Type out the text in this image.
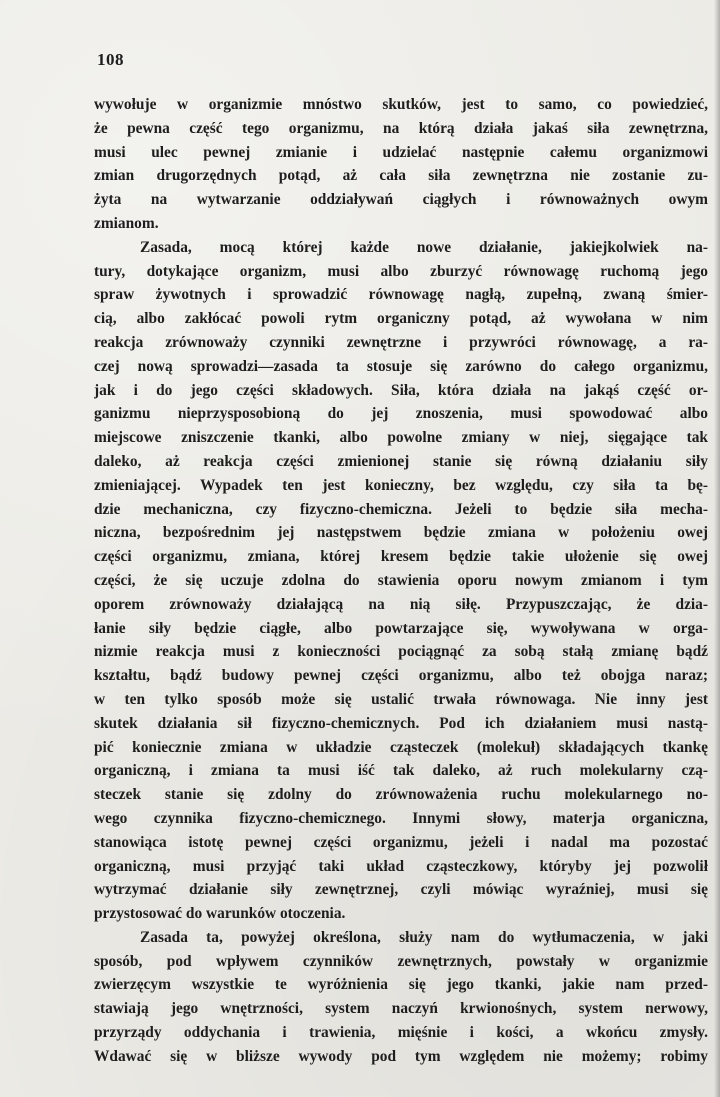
108
wywołuje w organizmie mnóstwo skutków, jest to samo, co powiedzieć,
że pewna część tego organizmu, na którą działa jakaś siła zewnętrzna,
musi ulec pewnej zmianie i udzielać następnie całemu organizmowi
zmian drugorzędnych potąd, aż cała siła zewnętrzna nie zostanie zu-
żyta na wytwarzanie oddziaływań ciągłych i równoważnych owym
zmianom.
Zasada, mocą której każde nowe działanie, jakiejkolwiek na-
tury, dotykające organizm, musi albo zburzyć równowagę ruchomą jego
spraw żywotnych i sprowadzić równowagę nagłą, zupełną, zwaną śmier-
cią, albo zakłócać powoli rytm organiczny potąd, aż wywołana w nim
reakcja zrównoważy czynniki zewnętrzne i przywróci równowagę, a ra-
czej nową sprowadzi—zasada ta stosuje się zarówno do całego organizmu,
jak i do jego części składowych. Siła, która działa na jakąś część or-
ganizmu nieprzysposobioną do jej znoszenia, musi spowodować albo
miejscowe zniszczenie tkanki, albo powolne zmiany w niej, sięgające tak
daleko, aż reakcja części zmienionej stanie się równą działaniu siły
zmieniającej. Wypadek ten jest konieczny, bez względu, czy siła ta bę-
dzie mechaniczna, czy fizyczno-chemiczna. Jeżeli to będzie siła mecha-
niczna, bezpośrednim jej następstwem będzie zmiana w położeniu owej
części organizmu, zmiana, której kresem będzie takie ułożenie się owej
części, że się uczuje zdolna do stawienia oporu nowym zmianom i tym
oporem zrównoważy działającą na nią siłę. Przypuszczając, że dzia-
łanie siły będzie ciągłe, albo powtarzające się, wywoływana w orga-
nizmie reakcja musi z konieczności pociągnąć za sobą stałą zmianę bądź
kształtu, bądź budowy pewnej części organizmu, albo też obojga naraz;
w ten tylko sposób może się ustalić trwała równowaga. Nie inny jest
skutek działania sił fizyczno-chemicznych. Pod ich działaniem musi nastą-
pić koniecznie zmiana w układzie cząsteczek (molekuł) składających tkankę
organiczną, i zmiana ta musi iść tak daleko, aż ruch molekularny czą-
steczek stanie się zdolny do zrównoważenia ruchu molekularnego no-
wego czynnika fizyczno-chemicznego. Innymi słowy, materja organiczna,
stanowiąca istotę pewnej części organizmu, jeżeli i nadal ma pozostać
organiczną, musi przyjąć taki układ cząsteczkowy, któryby jej pozwolił
wytrzymać działanie siły zewnętrznej, czyli mówiąc wyraźniej, musi się
przystosować do warunków otoczenia.
Zasada ta, powyżej określona, służy nam do wytłumaczenia, w jaki
sposób, pod wpływem czynników zewnętrznych, powstały w organizmie
zwierzęcym wszystkie te wyróżnienia się jego tkanki, jakie nam przed-
stawiają jego wnętrzności, system naczyń krwionośnych, system nerwowy,
przyrządy oddychania i trawienia, mięśnie i kości, a wkońcu zmysły.
Wdawać się w bliższe wywody pod tym względem nie możemy; robimy
